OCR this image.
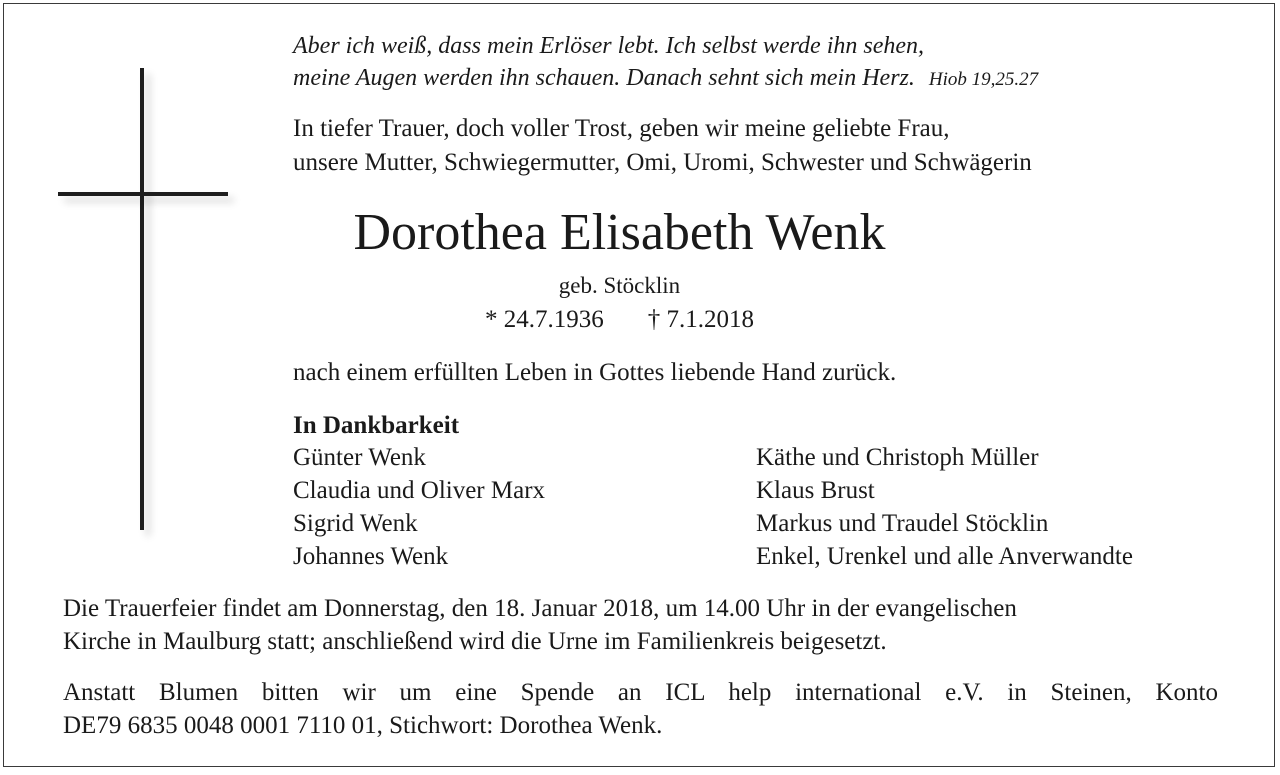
Aber ich weiß, dass mein Erlöser lebt. Ich selbst werde ihn sehen,
meine Augen werden ihn schauen. Danach sehnt sich mein Herz. Hiob 19,25.27
In tiefer Trauer, doch voller Trost, geben wir meine geliebte Frau,
unsere Mutter, Schwiegermutter, Omi, Uromi, Schwester und Schwägerin
Dorothea Elisabeth Wenk
geb. Stöcklin
* 24.7.1936 † 7.1.2018
nach einem erfüllten Leben in Gottes liebende Hand zurück.
In Dankbarkeit
Günter Wenk
Claudia und Oliver Marx
Sigrid Wenk
Johannes Wenk
Käthe und Christoph Müller
Klaus Brust
Markus und Traudel Stöcklin
Enkel, Urenkel und alle Anverwandte
Die Trauerfeier findet am Donnerstag, den 18. Januar 2018, um 14.00 Uhr in der evangelischen
Kirche in Maulburg statt; anschließend wird die Urne im Familienkreis beigesetzt.
Anstatt Blumen bitten wir um eine Spende an ICL help international e.V. in Steinen, Konto
DE79 6835 0048 0001 7110 01, Stichwort: Dorothea Wenk.
